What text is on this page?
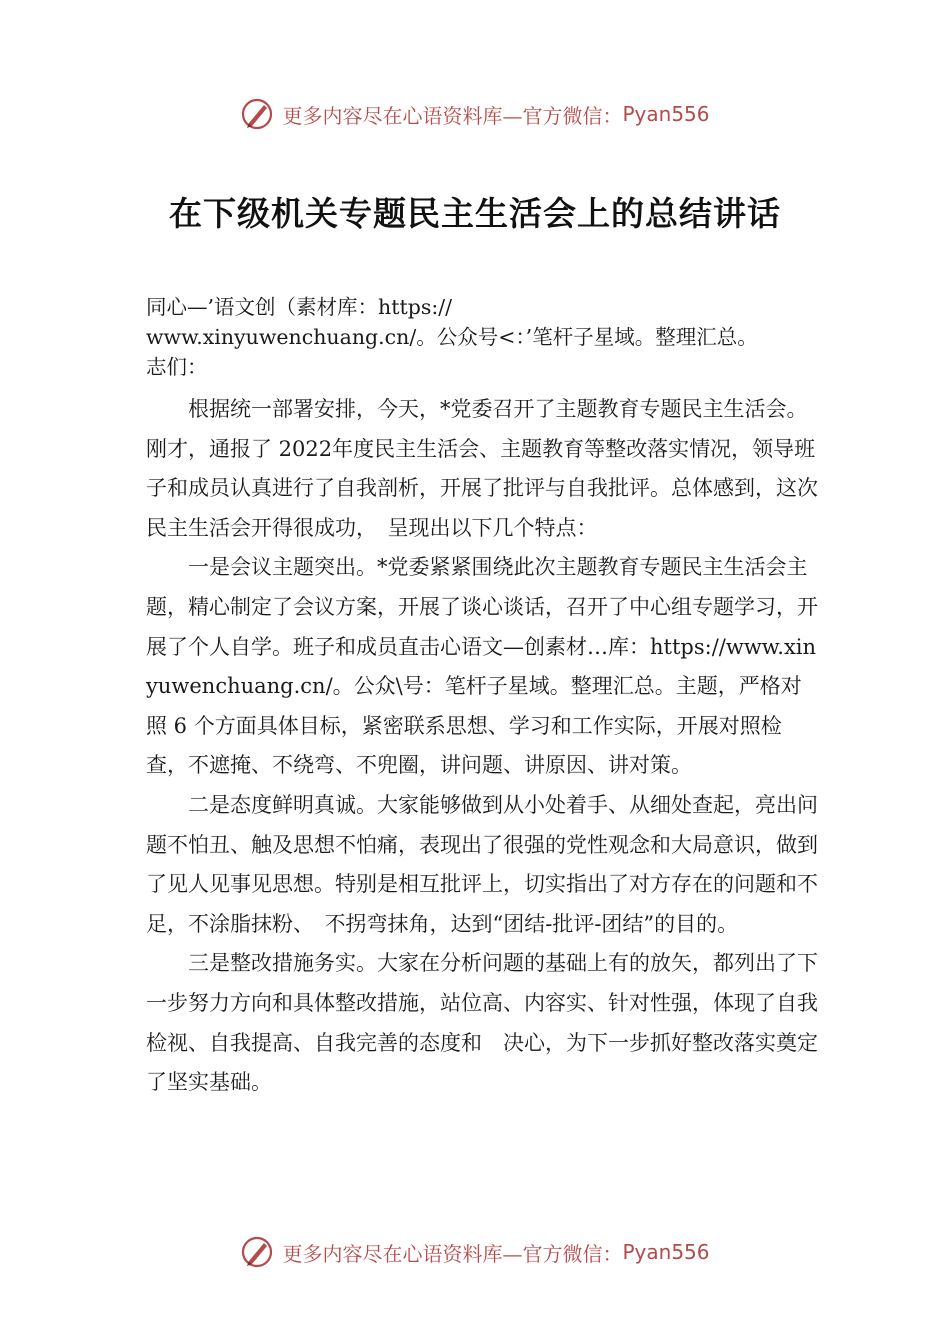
更多内容尽在心语资料库—官方微信： Pyan556
在下级机关专题民主生活会上的总结讲话
同心—’语文创（素材库：https://
www.xinyuwenchuang.cn/。公众号<：’笔杆子星域。整理汇总。
志们：

根据统一部署安排，今天，*党委召开了主题教育专题民主生活会。刚才，通报了 2022年度民主生活会、主题教育等整改落实情况，领导班子和成员认真进行了自我剖析，开展了批评与自我批评。总体感到，这次民主生活会开得很成功，　呈现出以下几个特点：

一是会议主题突出。*党委紧紧围绕此次主题教育专题民主生活会主题，精心制定了会议方案，开展了谈心谈话，召开了中心组专题学习，开展了个人自学。班子和成员直击心语文—创素材…库：https://www.xinyuwenchuang.cn/。公众\号：笔杆子星域。整理汇总。主题，严格对照 6 个方面具体目标，紧密联系思想、学习和工作实际，开展对照检查，不遮掩、不绕弯、不兜圈，讲问题、讲原因、讲对策。

二是态度鲜明真诚。大家能够做到从小处着手、从细处查起，亮出问题不怕丑、触及思想不怕痛，表现出了很强的党性观念和大局意识，做到了见人见事见思想。特别是相互批评上，切实指出了对方存在的问题和不足，不涂脂抹粉、　不拐弯抹角，达到“团结-批评-团结”的目的。

三是整改措施务实。大家在分析问题的基础上有的放矢，都列出了下一步努力方向和具体整改措施，站位高、内容实、针对性强，体现了自我检视、自我提高、自我完善的态度和　决心，为下一步抓好整改落实奠定了坚实基础。

更多内容尽在心语资料库—官方微信： Pyan556
